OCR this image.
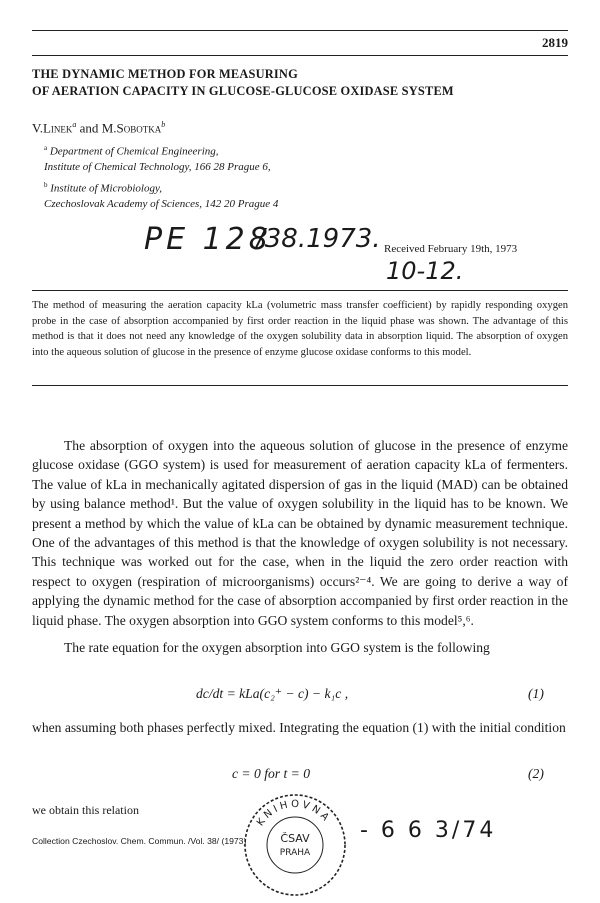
2819
THE DYNAMIC METHOD FOR MEASURING
OF AERATION CAPACITY IN GLUCOSE-GLUCOSE OXIDASE SYSTEM
V.Linek$^a$ and M.Sobotka$^b$
$^a$ Department of Chemical Engineering,
Institute of Chemical Technology, 166 28 Prague 6,
$^b$ Institute of Microbiology,
Czechoslovak Academy of Sciences, 142 20 Prague 4
PE 128
/38.1973.
10-12.
Received February 19th, 1973
The method of measuring the aeration capacity kLa (volumetric mass transfer coefficient) by rapidly responding oxygen probe in the case of absorption accompanied by first order reaction in the liquid phase was shown. The advantage of this method is that it does not need any knowledge of the oxygen solubility data in absorption liquid. The absorption of oxygen into the aqueous solution of glucose in the presence of enzyme glucose oxidase conforms to this model.

The absorption of oxygen into the aqueous solution of glucose in the presence of enzyme glucose oxidase (GGO system) is used for measurement of aeration capacity kLa of fermenters. The value of kLa in mechanically agitated dispersion of gas in the liquid (MAD) can be obtained by using balance method¹. But the value of oxygen solubility in the liquid has to be known. We present a method by which the value of kLa can be obtained by dynamic measurement technique. One of the advantages of this method is that the knowledge of oxygen solubility is not necessary. This technique was worked out for the case, when in the liquid the zero order reaction with respect to oxygen (respiration of microorganisms) occurs²⁻⁴. We are going to derive a way of applying the dynamic method for the case of absorption accompanied by first order reaction in the liquid phase. The oxygen absorption into GGO system conforms to this model⁵,⁶.

The rate equation for the oxygen absorption into GGO system is the following

dc/dt = kLa(c₂⁺ − c) − k₁c ,	(1)
when assuming both phases perfectly mixed. Integrating the equation (1) with the initial condition
c = 0 for t = 0	(2)
we obtain this relation
Collection Czechoslov. Chem. Commun. /Vol. 38/ (1973)
KNIHOVNA
ČSAV
PRAHA
- 6 6 3/74
